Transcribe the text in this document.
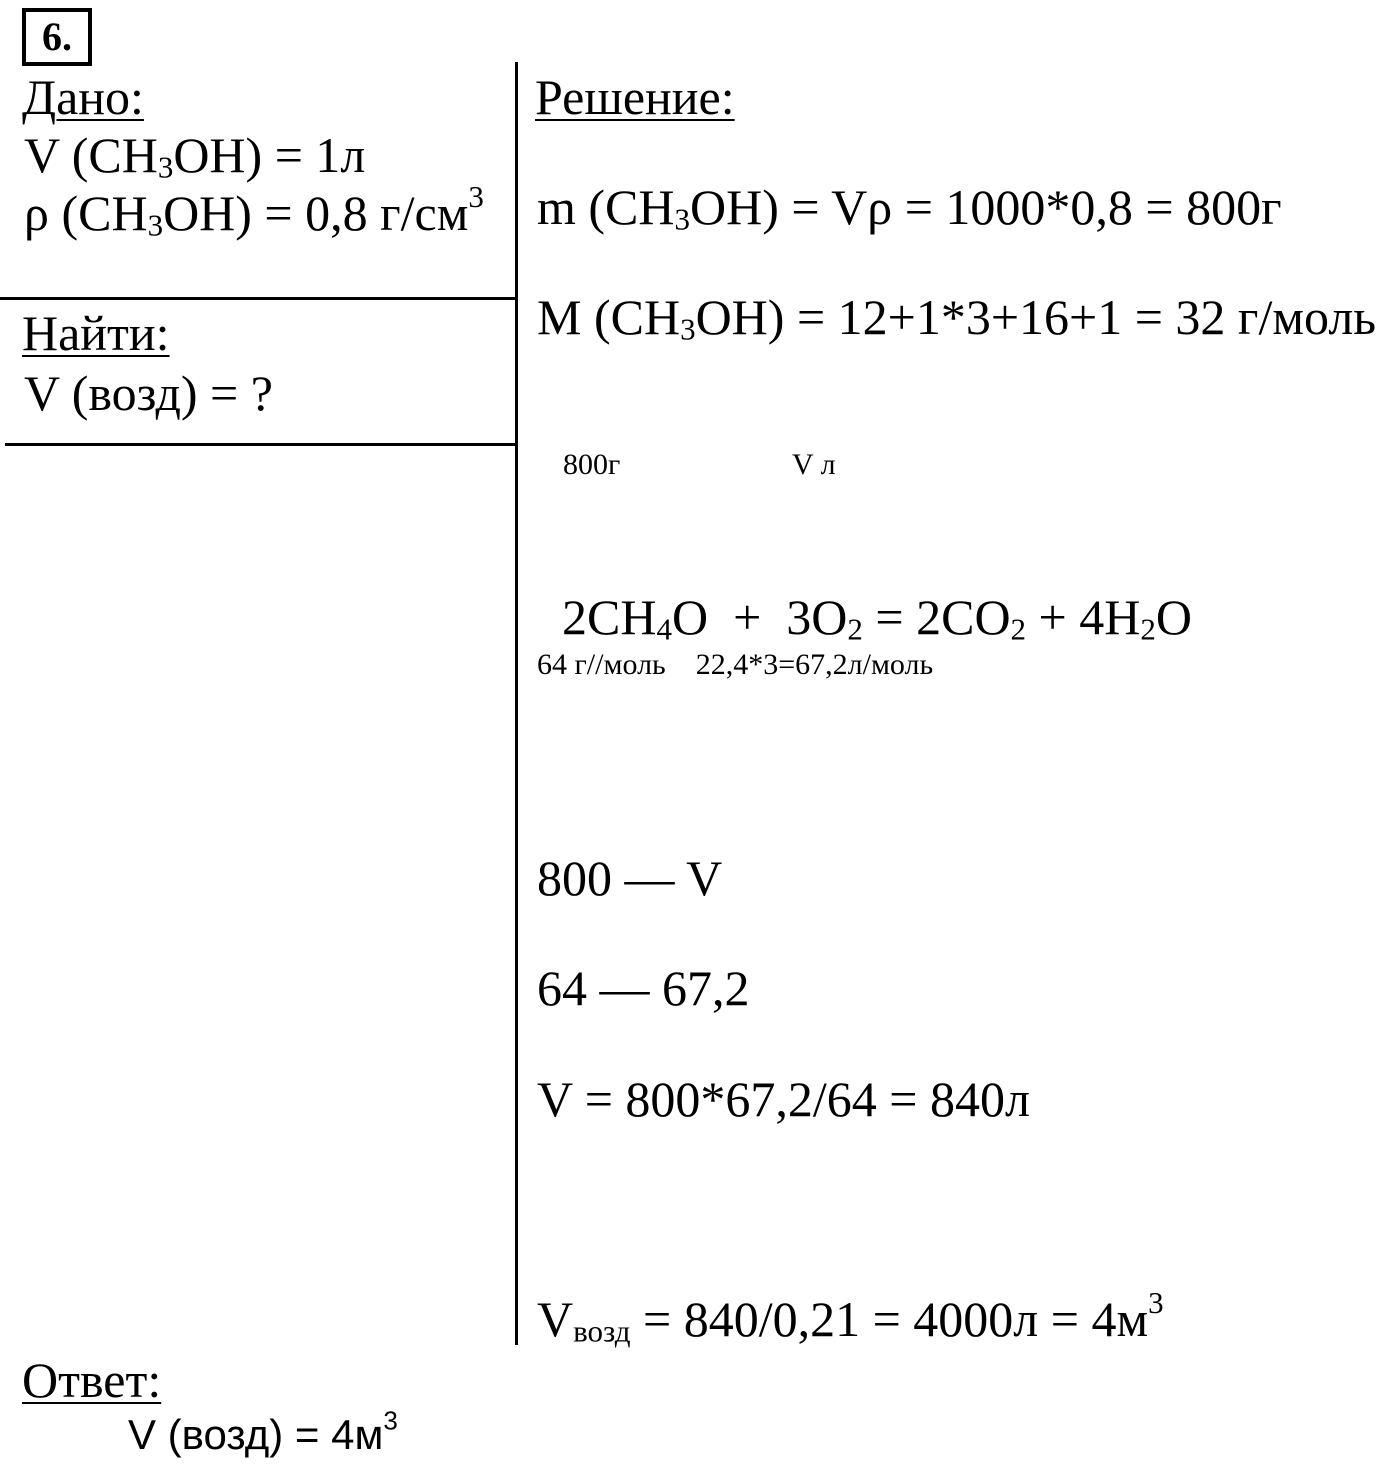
6.
Дано:
V $(CH_3OH) = 1л$
ρ $(CH_3OH) = 0,8$ $г/см^3$
Найти:
V (возд) = ?
Решение:
m $(CH_3OH) = V\rho = 1000*0,8 = 800г$
M $(CH_3OH) = 12+1*3+16+1 = 32$ г/моль
800г	V л

$2CH_4O + 3O_2 = 2CO_2 + 4H_2O$

64 г//моль    22,4*3=67,2л/моль
800 — V
64 — 67,2
V = 800*67,2/64 = 840л
$V_{возд} = 840/0,21 = 4000л = 4м^3$
Ответ:
V (возд) = $4м^3$
